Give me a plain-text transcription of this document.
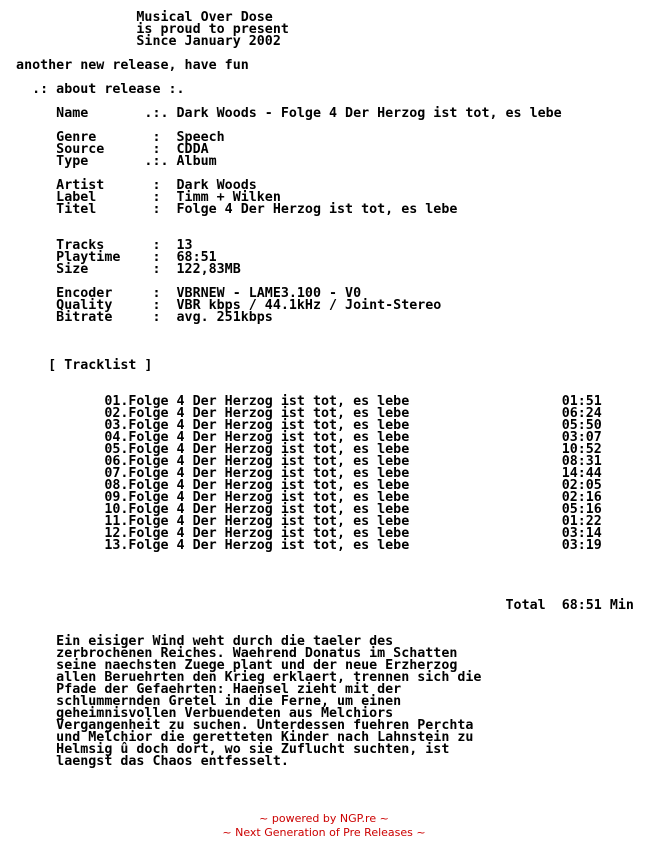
Musical Over Dose
is proud to present
Since January 2002
another new release, have fun
.: about release :.
Name       .:. Dark Woods - Folge 4 Der Herzog ist tot, es lebe
Genre       :  Speech
Source      :  CDDA
Type       .:. Album
Artist      :  Dark Woods
Label       :  Timm + Wilken
Titel       :  Folge 4 Der Herzog ist tot, es lebe
Tracks      :  13
Playtime    :  68:51
Size        :  122,83MB
Encoder     :  VBRNEW - LAME3.100 - V0
Quality     :  VBR kbps / 44.1kHz / Joint-Stereo
Bitrate     :  avg. 251kbps
[ Tracklist ]
01.Folge 4 Der Herzog ist tot, es lebe                   01:51
02.Folge 4 Der Herzog ist tot, es lebe                   06:24
03.Folge 4 Der Herzog ist tot, es lebe                   05:50
04.Folge 4 Der Herzog ist tot, es lebe                   03:07
05.Folge 4 Der Herzog ist tot, es lebe                   10:52
06.Folge 4 Der Herzog ist tot, es lebe                   08:31
07.Folge 4 Der Herzog ist tot, es lebe                   14:44
08.Folge 4 Der Herzog ist tot, es lebe                   02:05
09.Folge 4 Der Herzog ist tot, es lebe                   02:16
10.Folge 4 Der Herzog ist tot, es lebe                   05:16
11.Folge 4 Der Herzog ist tot, es lebe                   01:22
12.Folge 4 Der Herzog ist tot, es lebe                   03:14
13.Folge 4 Der Herzog ist tot, es lebe                   03:19
Total  68:51 Min
Ein eisiger Wind weht durch die taeler des
zerbrochenen Reiches. Waehrend Donatus im Schatten
seine naechsten Zuege plant und der neue Erzherzog
allen Beruehrten den Krieg erklaert, trennen sich die
Pfade der Gefaehrten: Haensel zieht mit der
schlummernden Gretel in die Ferne, um einen
geheimnisvollen Verbuendeten aus Melchiors
Vergangenheit zu suchen. Unterdessen fuehren Perchta
und Melchior die geretteten Kinder nach Lahnstein zu
Helmsig û doch dort, wo sie Zuflucht suchten, ist
laengst das Chaos entfesselt.
~ powered by NGP.re ~
~ Next Generation of Pre Releases ~
